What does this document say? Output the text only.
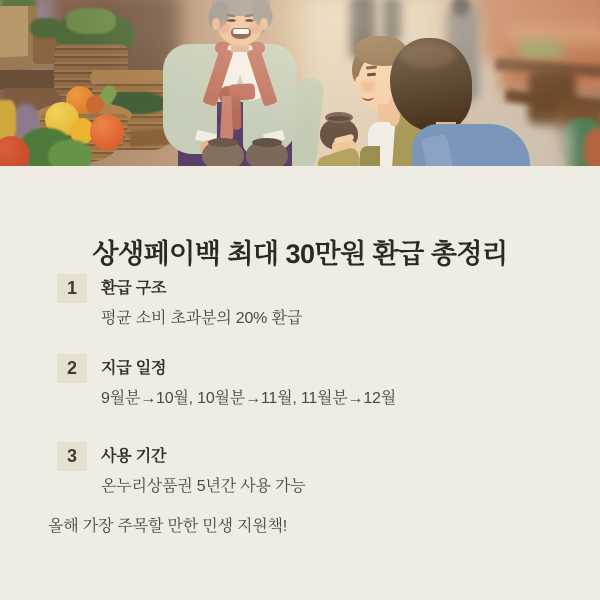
상생페이백 최대 30만원 환급 총정리
1	환급 구조
평균 소비 초과분의 20% 환급
2	지급 일정
9월분→10월, 10월분→11월, 11월분→12월
3	사용 기간
온누리상품권 5년간 사용 가능
올해 가장 주목할 만한 민생 지원책!
